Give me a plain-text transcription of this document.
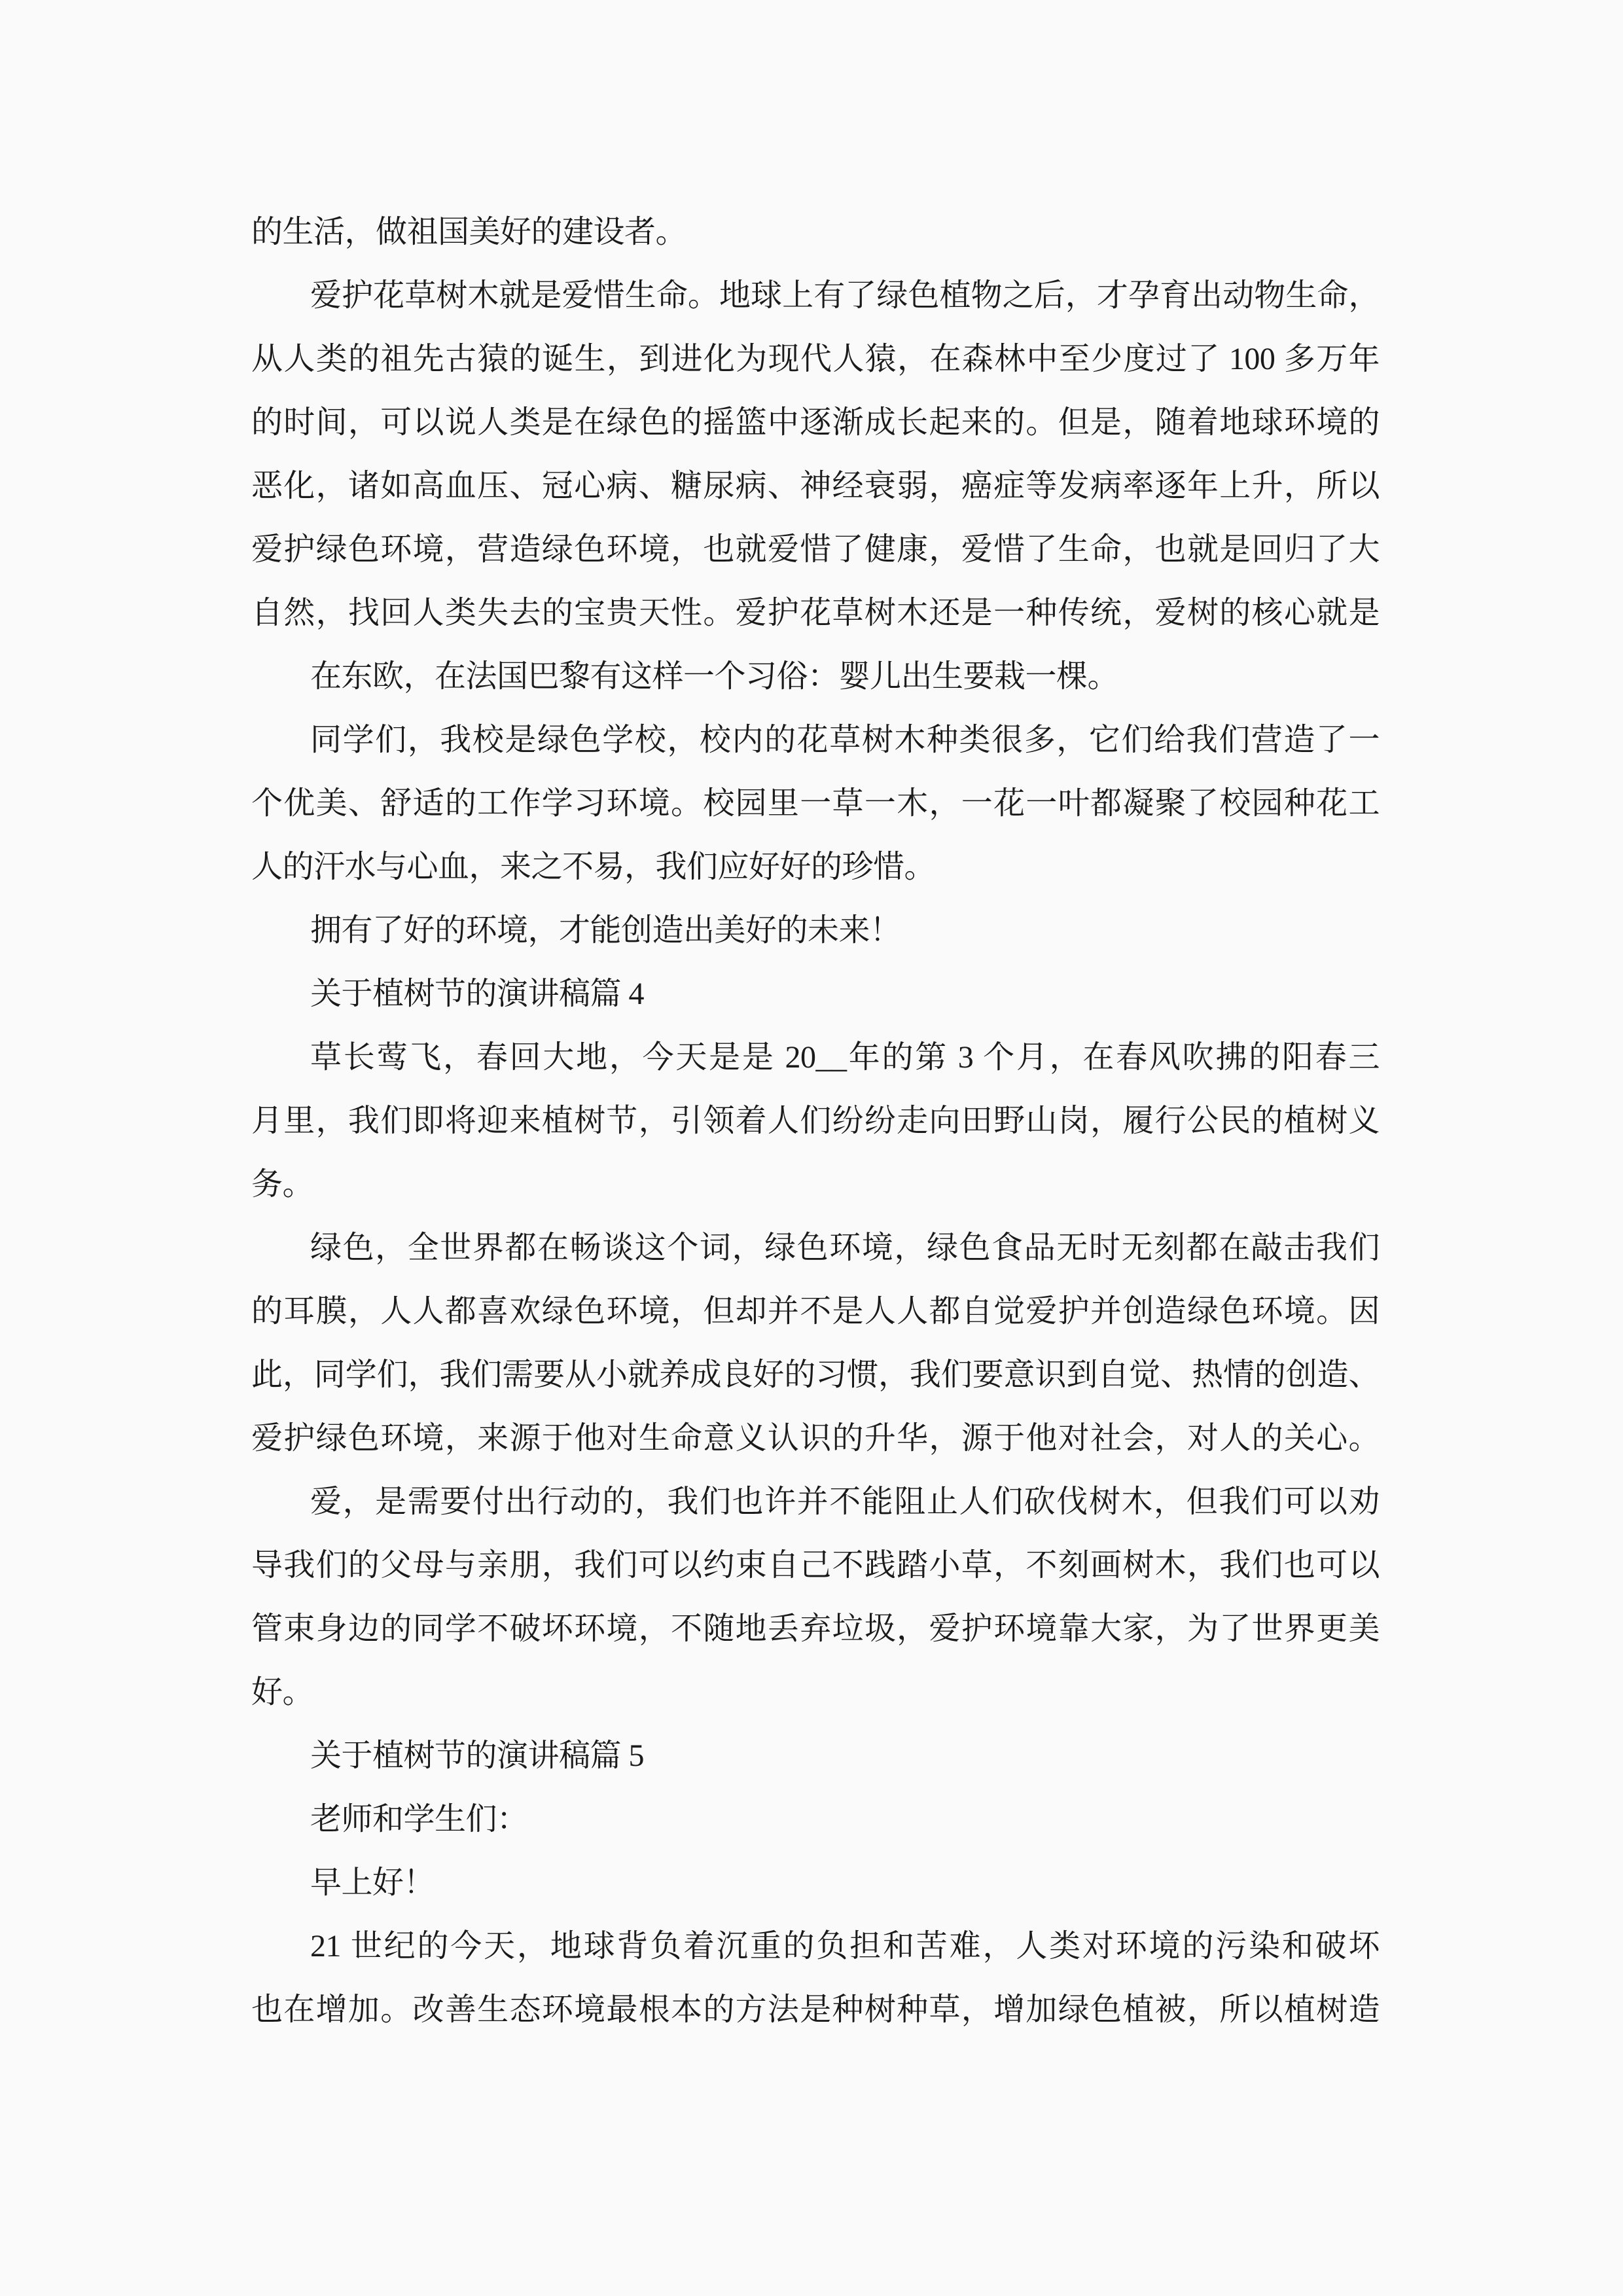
的生活，做祖国美好的建设者。
爱护花草树木就是爱惜生命。地球上有了绿色植物之后，才孕育出动物生命，
从人类的祖先古猿的诞生，到进化为现代人猿，在森林中至少度过了 100 多万年
的时间，可以说人类是在绿色的摇篮中逐渐成长起来的。但是，随着地球环境的
恶化，诸如高血压、冠心病、糖尿病、神经衰弱，癌症等发病率逐年上升，所以
爱护绿色环境，营造绿色环境，也就爱惜了健康，爱惜了生命，也就是回归了大
自然，找回人类失去的宝贵天性。爱护花草树木还是一种传统，爱树的核心就是
在东欧，在法国巴黎有这样一个习俗：婴儿出生要栽一棵。
同学们，我校是绿色学校，校内的花草树木种类很多，它们给我们营造了一
个优美、舒适的工作学习环境。校园里一草一木，一花一叶都凝聚了校园种花工
人的汗水与心血，来之不易，我们应好好的珍惜。
拥有了好的环境，才能创造出美好的未来！
关于植树节的演讲稿篇 4
草长莺飞，春回大地，今天是是 20__年的第 3 个月，在春风吹拂的阳春三
月里，我们即将迎来植树节，引领着人们纷纷走向田野山岗，履行公民的植树义
务。
绿色，全世界都在畅谈这个词，绿色环境，绿色食品无时无刻都在敲击我们
的耳膜，人人都喜欢绿色环境，但却并不是人人都自觉爱护并创造绿色环境。因
此，同学们，我们需要从小就养成良好的习惯，我们要意识到自觉、热情的创造、
爱护绿色环境，来源于他对生命意义认识的升华，源于他对社会，对人的关心。
爱，是需要付出行动的，我们也许并不能阻止人们砍伐树木，但我们可以劝
导我们的父母与亲朋，我们可以约束自己不践踏小草，不刻画树木，我们也可以
管束身边的同学不破坏环境，不随地丢弃垃圾，爱护环境靠大家，为了世界更美
好。
关于植树节的演讲稿篇 5
老师和学生们：
早上好！
21 世纪的今天，地球背负着沉重的负担和苦难，人类对环境的污染和破坏
也在增加。改善生态环境最根本的方法是种树种草，增加绿色植被，所以植树造
